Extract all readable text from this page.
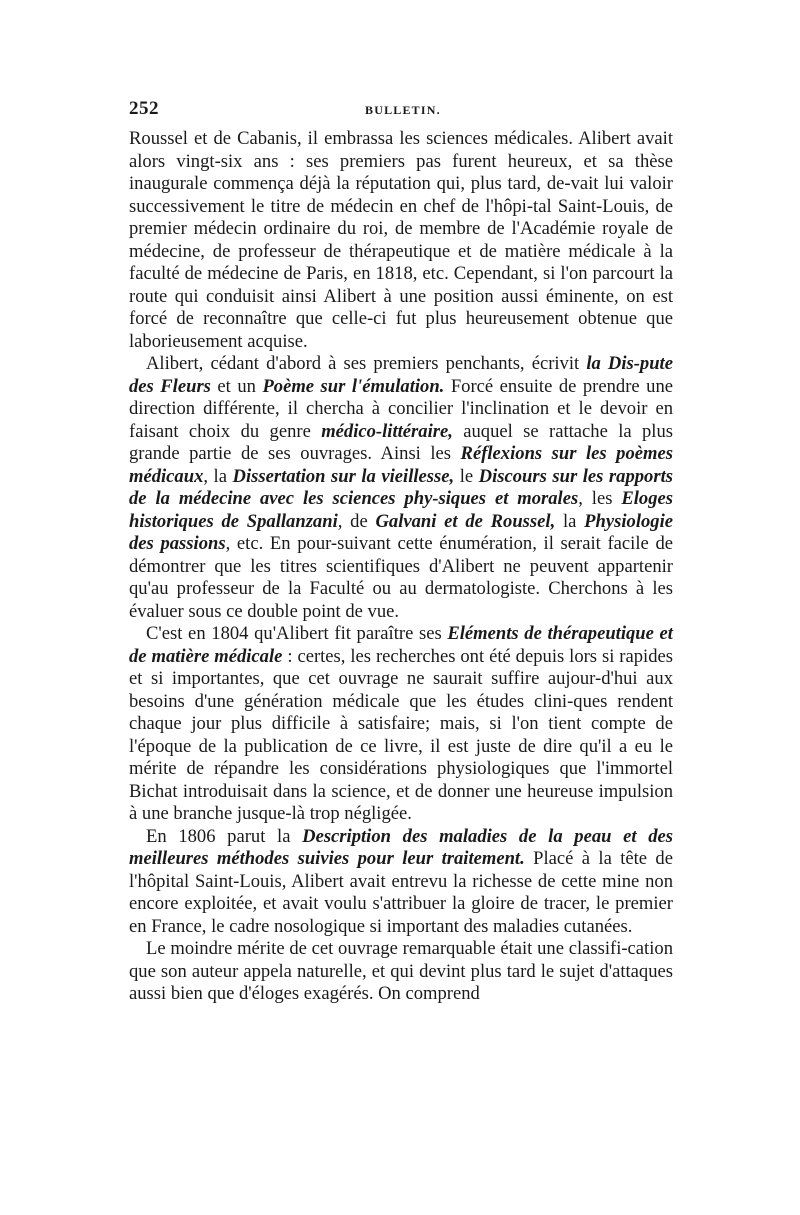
252	BULLETIN.

Roussel et de Cabanis, il embrassa les sciences médicales. Alibert avait alors vingt-six ans : ses premiers pas furent heureux, et sa thèse inaugurale commença déjà la réputation qui, plus tard, de-vait lui valoir successivement le titre de médecin en chef de l'hôpi-tal Saint-Louis, de premier médecin ordinaire du roi, de membre de l'Académie royale de médecine, de professeur de thérapeutique et de matière médicale à la faculté de médecine de Paris, en 1818, etc. Cependant, si l'on parcourt la route qui conduisit ainsi Alibert à une position aussi éminente, on est forcé de reconnaître que celle-ci fut plus heureusement obtenue que laborieusement acquise.

Alibert, cédant d'abord à ses premiers penchants, écrivit la Dis-pute des Fleurs et un Poème sur l'émulation. Forcé ensuite de prendre une direction différente, il chercha à concilier l'inclination et le devoir en faisant choix du genre médico-littéraire, auquel se rattache la plus grande partie de ses ouvrages. Ainsi les Réflexions sur les poèmes médicaux, la Dissertation sur la vieillesse, le Discours sur les rapports de la médecine avec les sciences phy-siques et morales, les Eloges historiques de Spallanzani, de Galvani et de Roussel, la Physiologie des passions, etc. En pour-suivant cette énumération, il serait facile de démontrer que les titres scientifiques d'Alibert ne peuvent appartenir qu'au professeur de la Faculté ou au dermatologiste. Cherchons à les évaluer sous ce double point de vue.

C'est en 1804 qu'Alibert fit paraître ses Eléments de thérapeutique et de matière médicale : certes, les recherches ont été depuis lors si rapides et si importantes, que cet ouvrage ne saurait suffire aujour-d'hui aux besoins d'une génération médicale que les études clini-ques rendent chaque jour plus difficile à satisfaire; mais, si l'on tient compte de l'époque de la publication de ce livre, il est juste de dire qu'il a eu le mérite de répandre les considérations physiologiques que l'immortel Bichat introduisait dans la science, et de donner une heureuse impulsion à une branche jusque-là trop négligée.

En 1806 parut la Description des maladies de la peau et des meilleures méthodes suivies pour leur traitement. Placé à la tête de l'hôpital Saint-Louis, Alibert avait entrevu la richesse de cette mine non encore exploitée, et avait voulu s'attribuer la gloire de tracer, le premier en France, le cadre nosologique si important des maladies cutanées.

Le moindre mérite de cet ouvrage remarquable était une classifi-cation que son auteur appela naturelle, et qui devint plus tard le sujet d'attaques aussi bien que d'éloges exagérés. On comprend
